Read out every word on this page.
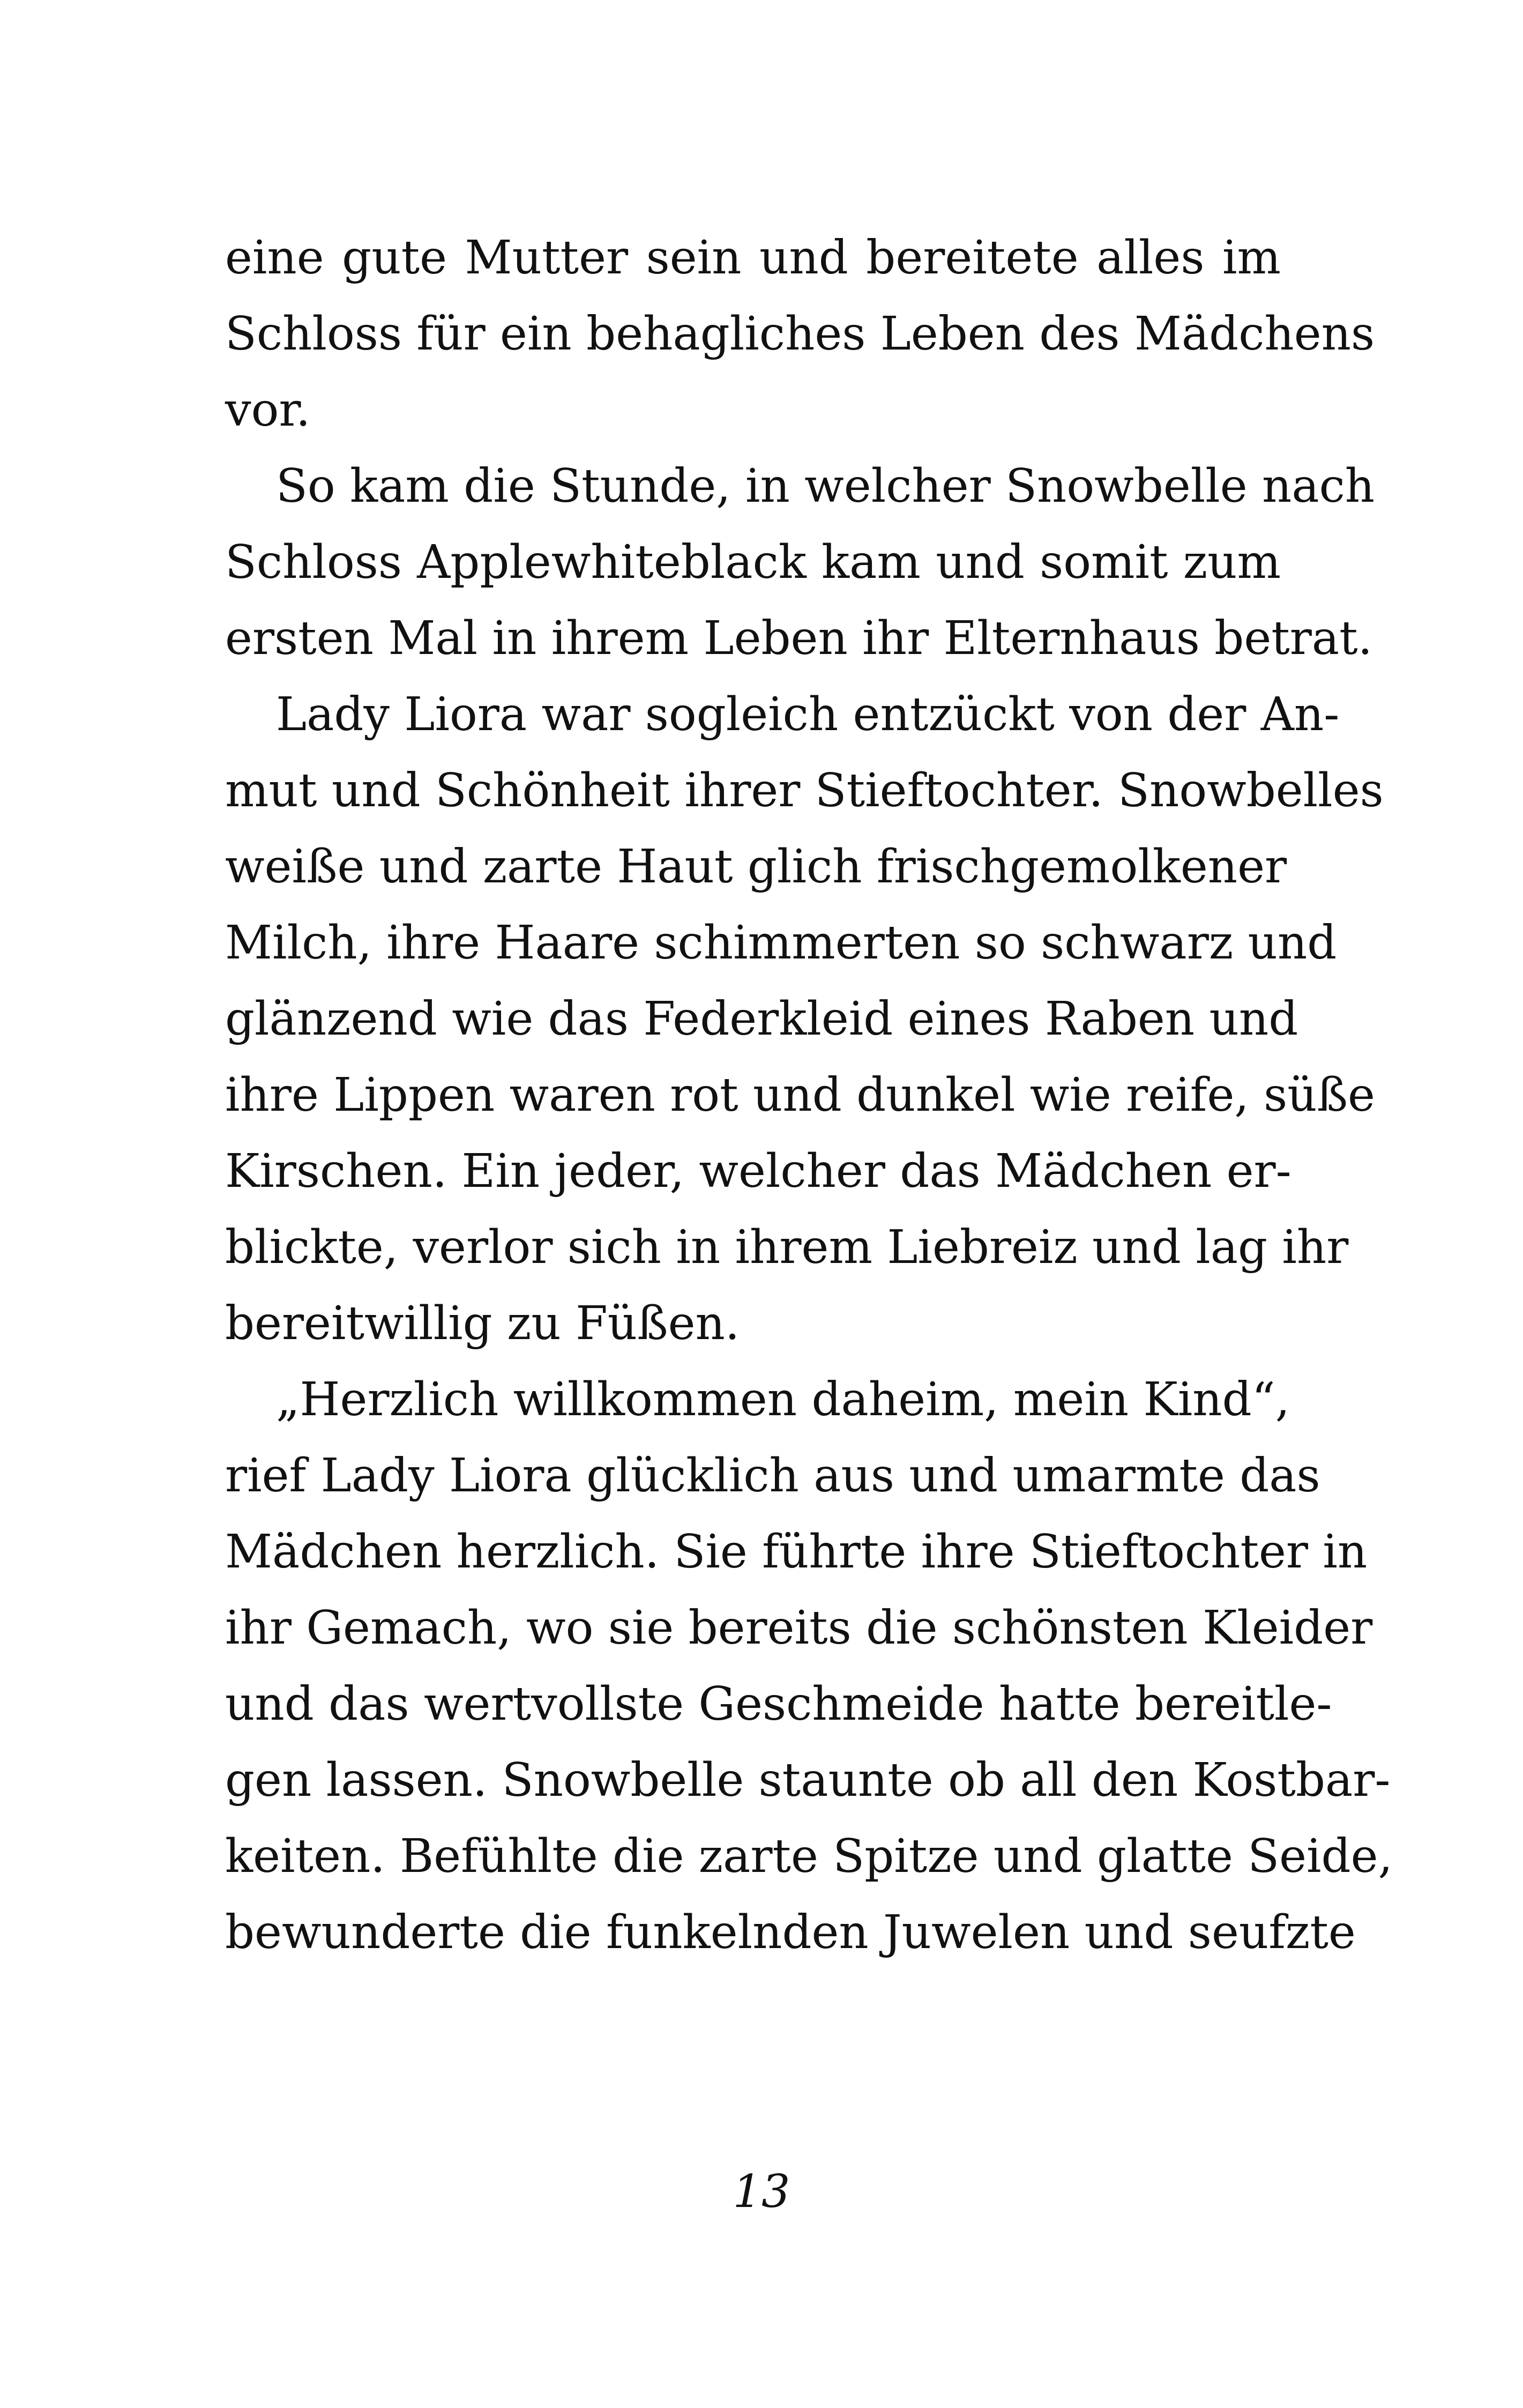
eine gute Mutter sein und bereitete alles im
Schloss für ein behagliches Leben des Mädchens
vor.
So kam die Stunde, in welcher Snowbelle nach
Schloss Applewhiteblack kam und somit zum
ersten Mal in ihrem Leben ihr Elternhaus betrat.
Lady Liora war sogleich entzückt von der An-
mut und Schönheit ihrer Stieftochter. Snowbelles
weiße und zarte Haut glich frischgemolkener
Milch, ihre Haare schimmerten so schwarz und
glänzend wie das Federkleid eines Raben und
ihre Lippen waren rot und dunkel wie reife, süße
Kirschen. Ein jeder, welcher das Mädchen er-
blickte, verlor sich in ihrem Liebreiz und lag ihr
bereitwillig zu Füßen.
„Herzlich willkommen daheim, mein Kind“,
rief Lady Liora glücklich aus und umarmte das
Mädchen herzlich. Sie führte ihre Stieftochter in
ihr Gemach, wo sie bereits die schönsten Kleider
und das wertvollste Geschmeide hatte bereitle-
gen lassen. Snowbelle staunte ob all den Kostbar-
keiten. Befühlte die zarte Spitze und glatte Seide,
bewunderte die funkelnden Juwelen und seufzte
13
